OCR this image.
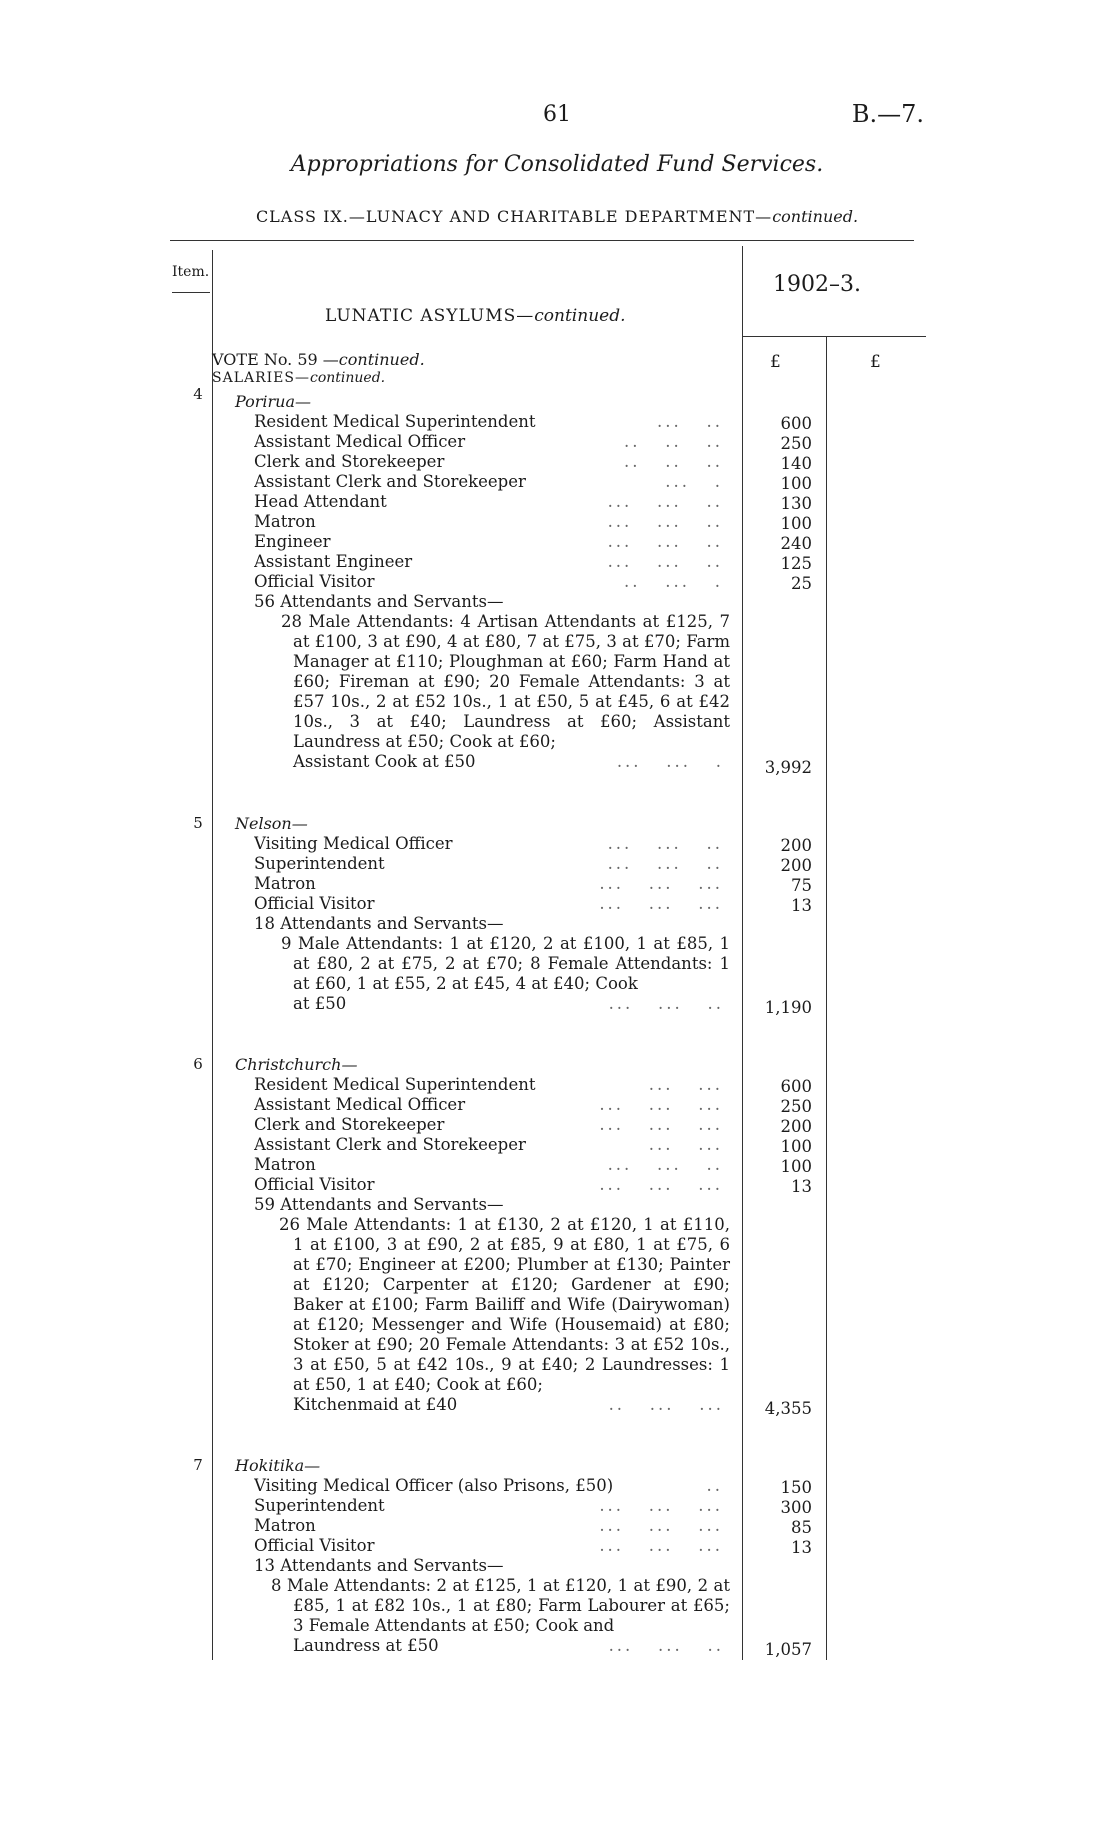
61	B.—7.
Appropriations for Consolidated Fund Services.
CLASS IX.—LUNACY AND CHARITABLE DEPARTMENT—continued.
Item.	1902–3.
LUNATIC ASYLUMS—continued.
VOTE No. 59 —continued.
SALARIES—continued.
£	£
4	Porirua—
Resident Medical Superintendent	...   ..	600
Assistant Medical Officer	..   ..   ..	250
Clerk and Storekeeper	..   ..   ..	140
Assistant Clerk and Storekeeper	...   .	100
Head Attendant	...   ...   ..	130
Matron	...   ...   ..	100
Engineer	...   ...   ..	240
Assistant Engineer	...   ...   ..	125
Official Visitor	..   ...   .	25
56 Attendants and Servants—
28 Male Attendants: 4 Artisan Attendants at £125, 7 at £100, 3 at £90, 4 at £80, 7 at £75, 3 at £70; Farm Manager at £110; Ploughman at £60; Farm Hand at £60; Fireman at £90; 20 Female Attendants: 3 at £57 10s., 2 at £52 10s., 1 at £50, 5 at £45, 6 at £42 10s., 3 at £40; Laundress at £60; Assistant Laundress at £50; Cook at £60;
Assistant Cook at £50	...   ...   .	3,992
5	Nelson—
Visiting Medical Officer	...   ...   ..	200
Superintendent	...   ...   ..	200
Matron	...   ...   ...	75
Official Visitor	...   ...   ...	13
18 Attendants and Servants—
9 Male Attendants: 1 at £120, 2 at £100, 1 at £85, 1 at £80, 2 at £75, 2 at £70; 8 Female Attendants: 1 at £60, 1 at £55, 2 at £45, 4 at £40; Cook
at £50	...   ...   ..	1,190
6	Christchurch—
Resident Medical Superintendent	...   ...	600
Assistant Medical Officer	...   ...   ...	250
Clerk and Storekeeper	...   ...   ...	200
Assistant Clerk and Storekeeper	...   ...	100
Matron	...   ...   ..	100
Official Visitor	...   ...   ...	13
59 Attendants and Servants—
26 Male Attendants: 1 at £130, 2 at £120, 1 at £110, 1 at £100, 3 at £90, 2 at £85, 9 at £80, 1 at £75, 6 at £70; Engineer at £200; Plumber at £130; Painter at £120; Carpenter at £120; Gardener at £90; Baker at £100; Farm Bailiff and Wife (Dairywoman) at £120; Messenger and Wife (Housemaid) at £80; Stoker at £90; 20 Female Attendants: 3 at £52 10s., 3 at £50, 5 at £42 10s., 9 at £40; 2 Laundresses: 1 at £50, 1 at £40; Cook at £60;
Kitchenmaid at £40	..   ...   ...	4,355
7	Hokitika—
Visiting Medical Officer (also Prisons, £50)	..	150
Superintendent	...   ...   ...	300
Matron	...   ...   ...	85
Official Visitor	...   ...   ...	13
13 Attendants and Servants—
8 Male Attendants: 2 at £125, 1 at £120, 1 at £90, 2 at £85, 1 at £82 10s., 1 at £80; Farm Labourer at £65; 3 Female Attendants at £50; Cook and
Laundress at £50	...   ...   ..	1,057
